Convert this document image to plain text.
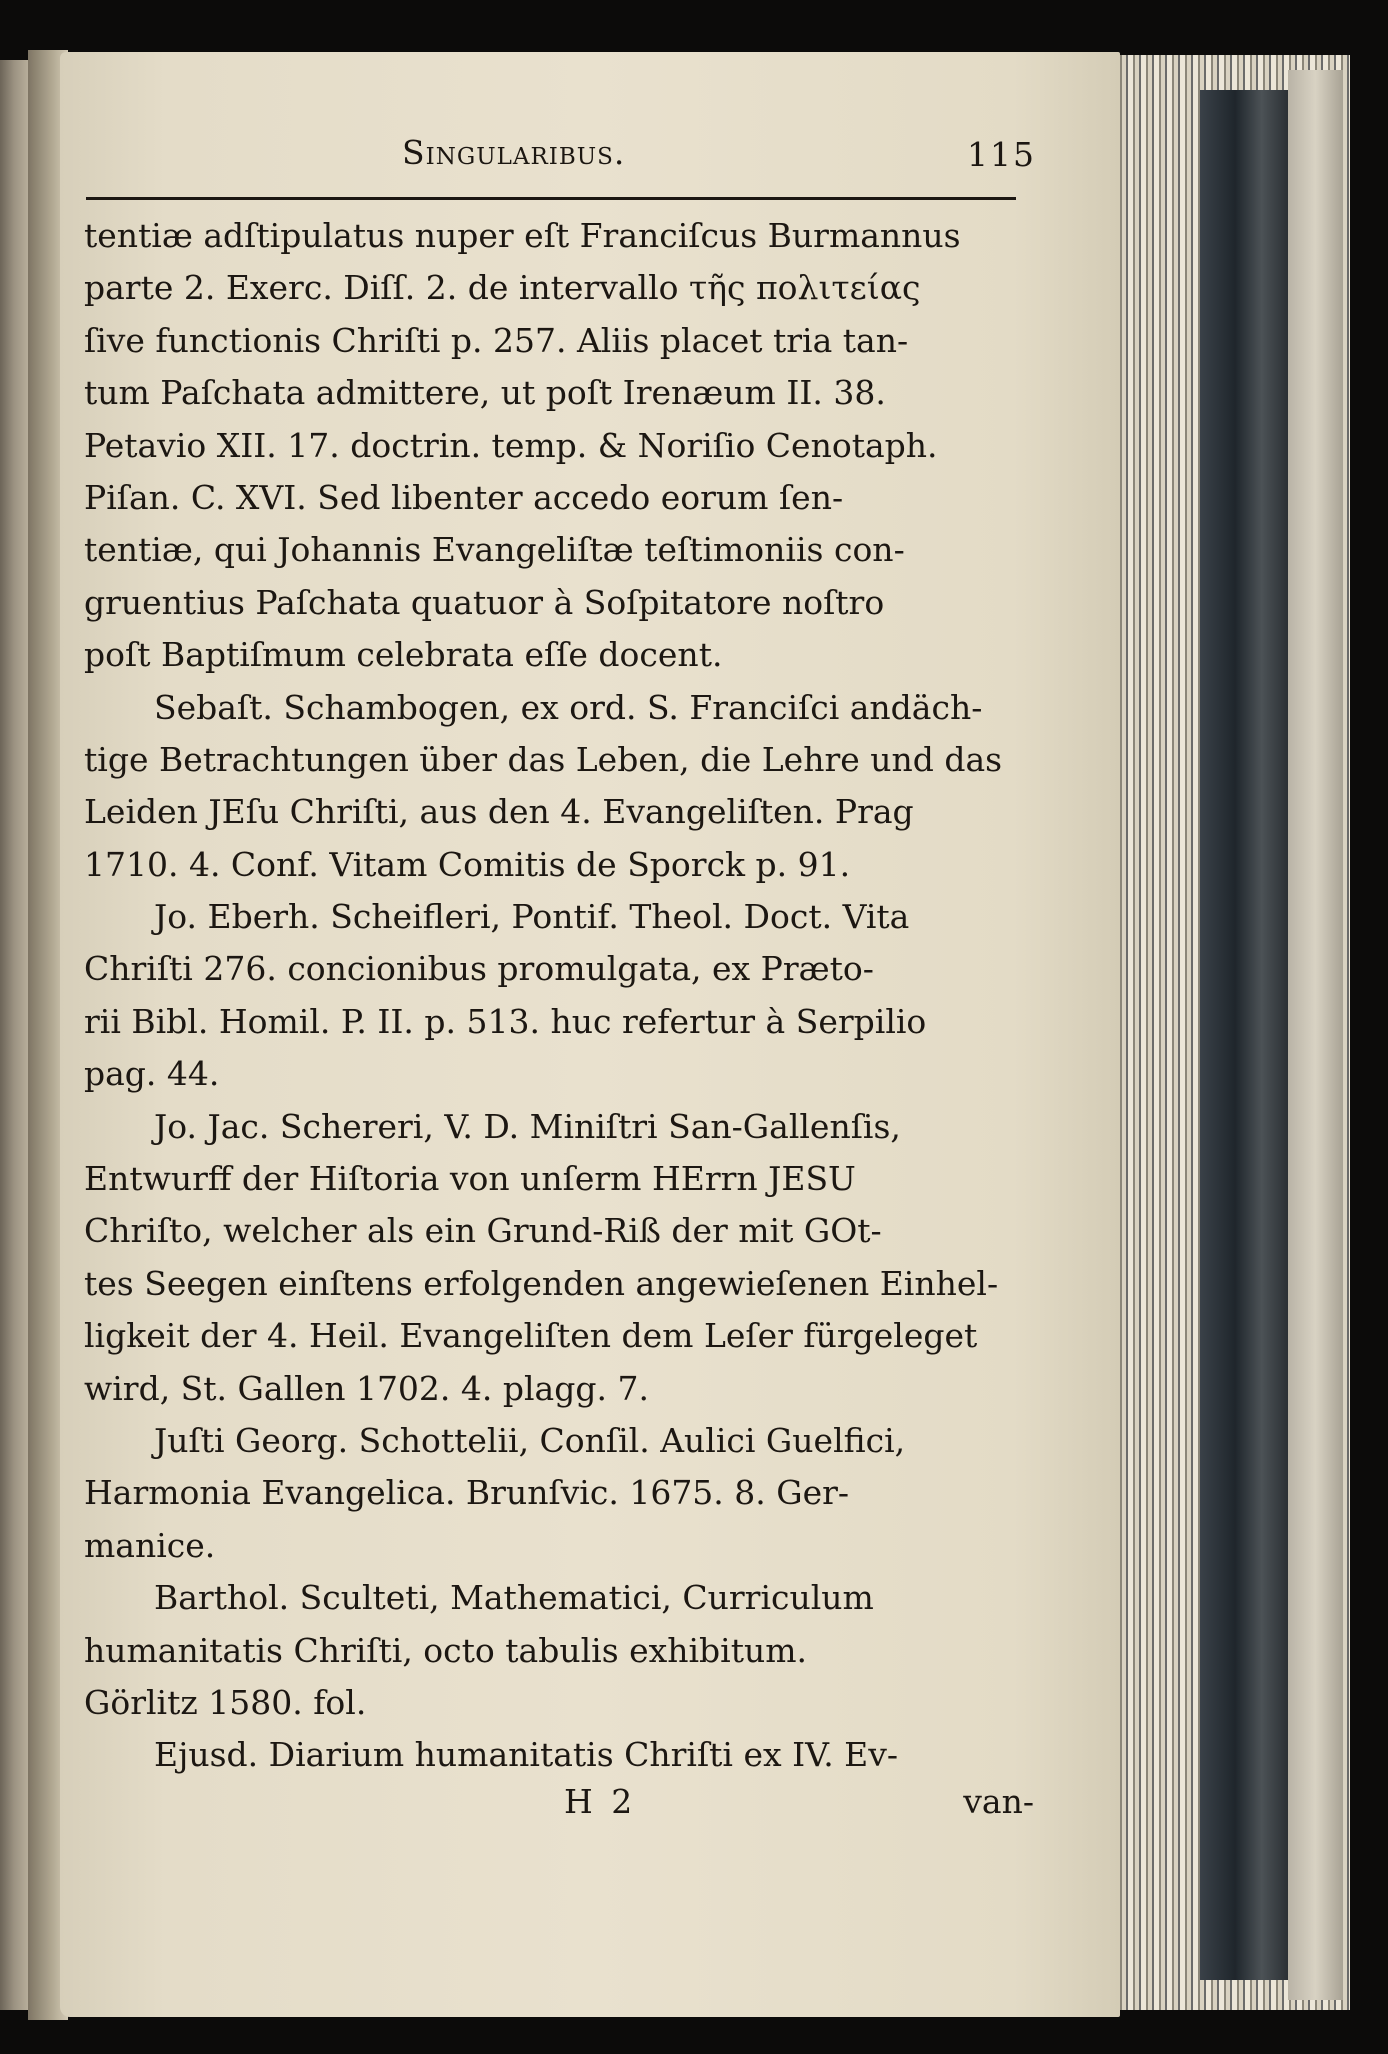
Singularibus.	115
tentiæ adſtipulatus nuper eſt Franciſcus Burmannus
parte 2. Exerc. Diſſ. 2. de intervallo τῆς πολιτείας
ſive functionis Chriſti p. 257. Aliis placet tria tan-
tum Paſchata admittere, ut poſt Irenæum II. 38.
Petavio XII. 17. doctrin. temp. & Noriſio Cenotaph.
Piſan. C. XVI. Sed libenter accedo eorum ſen-
tentiæ, qui Johannis Evangeliſtæ teſtimoniis con-
gruentius Paſchata quatuor à Soſpitatore noſtro
poſt Baptiſmum celebrata eſſe docent.
Sebaſt. Schambogen, ex ord. S. Franciſci andäch-
tige Betrachtungen über das Leben, die Lehre und das
Leiden JEſu Chriſti, aus den 4. Evangeliſten. Prag
1710. 4. Conf. Vitam Comitis de Sporck p. 91.
Jo. Eberh. Scheifleri, Pontif. Theol. Doct. Vita
Chriſti 276. concionibus promulgata, ex Præto-
rii Bibl. Homil. P. II. p. 513. huc refertur à Serpilio
pag. 44.
Jo. Jac. Schereri, V. D. Miniſtri San-Gallenſis,
Entwurff der Hiſtoria von unſerm HErrn JESU
Chriſto, welcher als ein Grund-Riß der mit GOt-
tes Seegen einſtens erfolgenden angewieſenen Einhel-
ligkeit der 4. Heil. Evangeliſten dem Leſer fürgeleget
wird, St. Gallen 1702. 4. plagg. 7.
Juſti Georg. Schottelii, Conſil. Aulici Guelfici,
Harmonia Evangelica. Brunſvic. 1675. 8. Ger-
manice.
Barthol. Sculteti, Mathematici, Curriculum
humanitatis Chriſti, octo tabulis exhibitum.
Görlitz 1580. fol.
Ejusd. Diarium humanitatis Chriſti ex IV. Ev-
H 2	van-
